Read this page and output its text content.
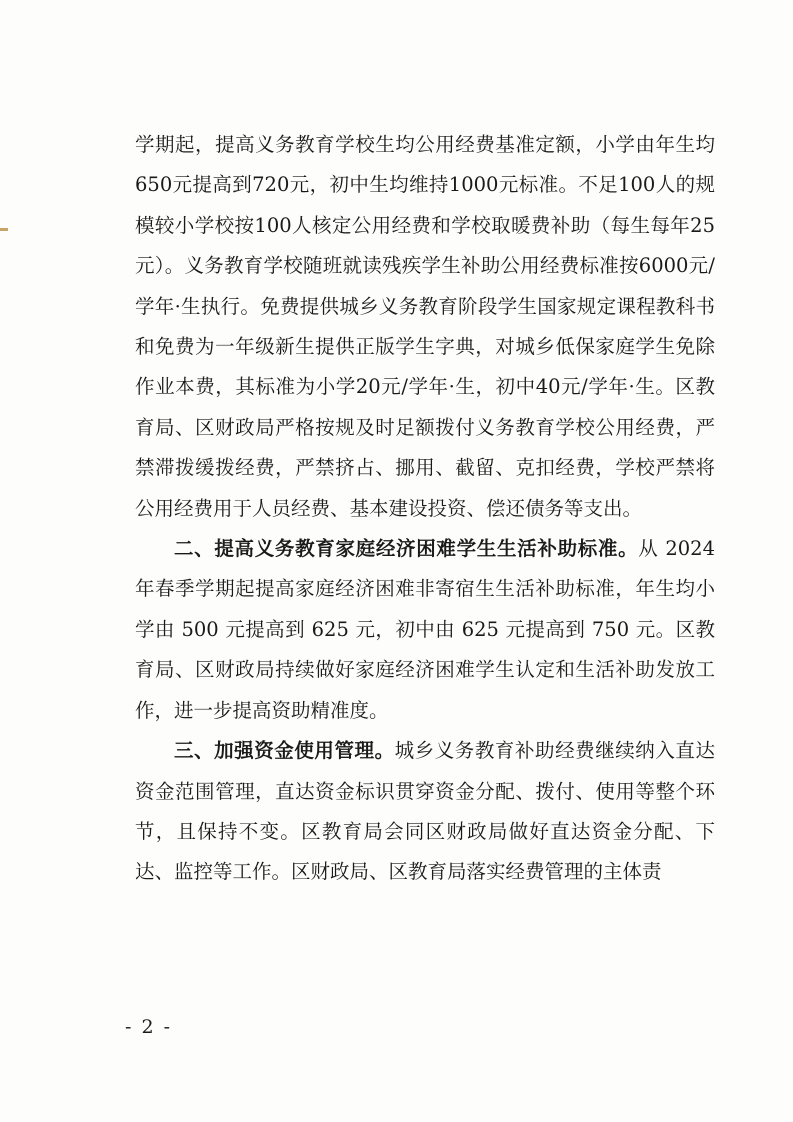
学期起，提高义务教育学校生均公用经费基准定额，小学由年生均 650元提高到720元，初中生均维持1000元标准。不足100人的规模较小学校按100人核定公用经费和学校取暖费补助（每生每年25元）。义务教育学校随班就读残疾学生补助公用经费标准按6000元/学年·生执行。免费提供城乡义务教育阶段学生国家规定课程教科书和免费为一年级新生提供正版学生字典，对城乡低保家庭学生免除作业本费，其标准为小学20元/学年·生，初中40元/学年·生。区教育局、区财政局严格按规及时足额拨付义务教育学校公用经费，严禁滞拨缓拨经费，严禁挤占、挪用、截留、克扣经费，学校严禁将公用经费用于人员经费、基本建设投资、偿还债务等支出。

二、提高义务教育家庭经济困难学生生活补助标准。从 2024年春季学期起提高家庭经济困难非寄宿生生活补助标准，年生均小学由 500 元提高到 625 元，初中由 625 元提高到 750 元。区教育局、区财政局持续做好家庭经济困难学生认定和生活补助发放工作，进一步提高资助精准度。

三、加强资金使用管理。城乡义务教育补助经费继续纳入直达资金范围管理，直达资金标识贯穿资金分配、拨付、使用等整个环节，且保持不变。区教育局会同区财政局做好直达资金分配、下达、监控等工作。区财政局、区教育局落实经费管理的主体责

- 2 -
